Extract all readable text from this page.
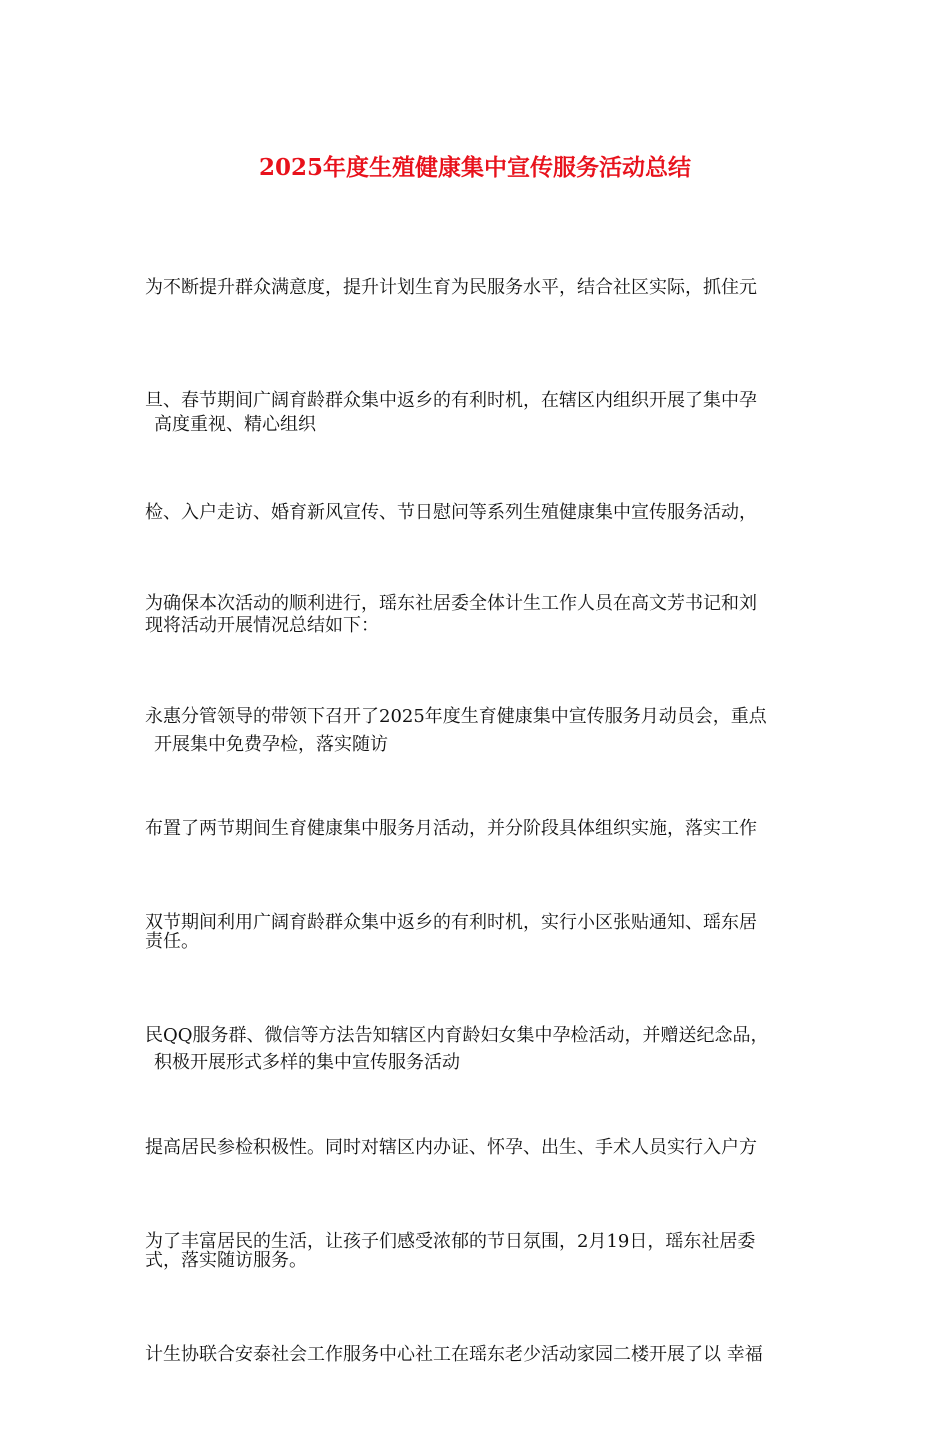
2025年度生殖健康集中宣传服务活动总结

为不断提升群众满意度，提升计划生育为民服务水平，结合社区实际，抓住元

旦、春节期间广阔育龄群众集中返乡的有利时机，在辖区内组织开展了集中孕

检、入户走访、婚育新风宣传、节日慰问等系列生殖健康集中宣传服务活动，

现将活动开展情况总结如下：

高度重视、精心组织

为确保本次活动的顺利进行，瑶东社居委全体计生工作人员在高文芳书记和刘

永惠分管领导的带领下召开了2025年度生育健康集中宣传服务月动员会，重点

布置了两节期间生育健康集中服务月活动，并分阶段具体组织实施，落实工作

责任。

开展集中免费孕检，落实随访

双节期间利用广阔育龄群众集中返乡的有利时机，实行小区张贴通知、瑶东居

民QQ服务群、微信等方法告知辖区内育龄妇女集中孕检活动，并赠送纪念品，

提高居民参检积极性。同时对辖区内办证、怀孕、出生、手术人员实行入户方

式，落实随访服务。

积极开展形式多样的集中宣传服务活动

为了丰富居民的生活，让孩子们感受浓郁的节日氛围，2月19日，瑶东社居委

计生协联合安泰社会工作服务中心社工在瑶东老少活动家园二楼开展了以 幸福
